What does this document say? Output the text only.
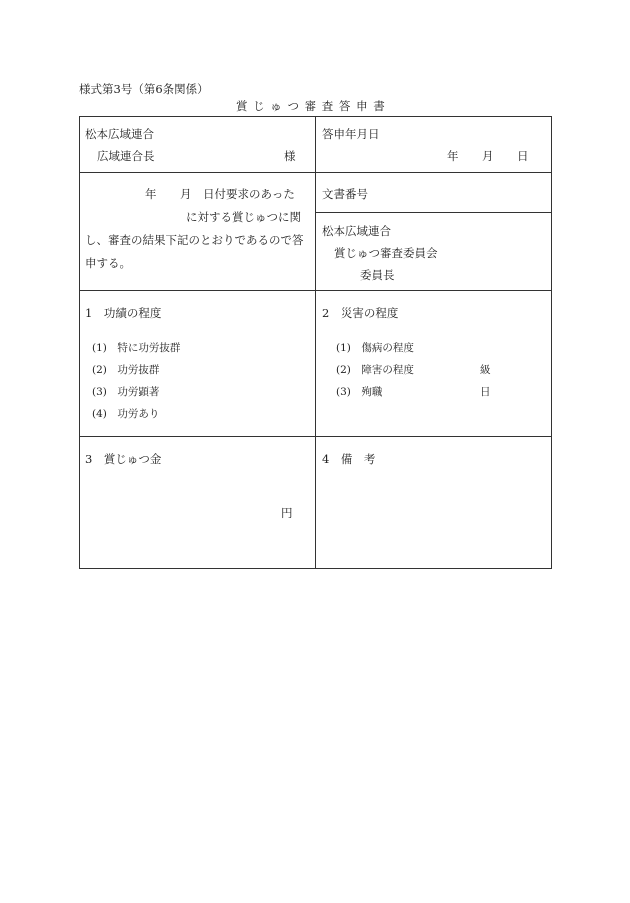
様式第3号（第6条関係）
賞 じ ゅ つ 審 査 答 申 書
松本広域連合
広域連合長	様
答申年月日
年 月 日
年 月 日付要求のあった
に対する賞じゅつに関
し、審査の結果下記のとおりであるので答
申する。
文書番号
松本広域連合
賞じゅつ審査委員会
委員長
1　功績の程度
(1)　特に功労抜群
(2)　功労抜群
(3)　功労顕著
(4)　功労あり
2　災害の程度
(1)　傷病の程度
(2)　障害の程度
(3)　殉職
級
日
3　賞じゅつ金
円
4　備　考
